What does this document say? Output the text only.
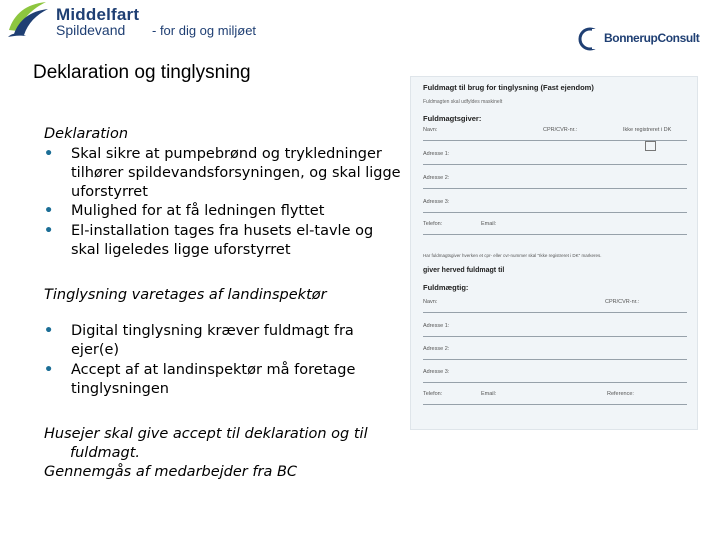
Middelfart
Spildevand - for dig og miljøet	BonnerupConsult
Deklaration og tinglysning
Deklaration
• Skal sikre at pumpebrønd og trykledninger tilhører spildevandsforsyningen, og skal ligge uforstyrret
• Mulighed for at få ledningen flyttet
• El-installation tages fra husets el-tavle og skal ligeledes ligge uforstyrret
Tinglysning varetages af landinspektør
• Digital tinglysning kræver fuldmagt fra ejer(e)
• Accept af at landinspektør må foretage tinglysningen
Husejer skal give accept til deklaration og til
fuldmagt.
Gennemgås af medarbejder fra BC
Fuldmagt til brug for tinglysning (Fast ejendom)
Fuldmagten skal udfyldes maskinelt
Fuldmagtsgiver:
Navn:	CPR/CVR-nr.:	Ikke registreret i DK
Adresse 1:
Adresse 2:
Adresse 3:
Telefon:	Email:
Har fuldmagtsgiver hverken et cpr- eller cvr-nummer skal "Ikke registreret i DK" markeres.
giver herved fuldmagt til
Fuldmægtig:
Navn:	CPR/CVR-nr.:
Adresse 1:
Adresse 2:
Adresse 3:
Telefon:	Email:	Reference:
